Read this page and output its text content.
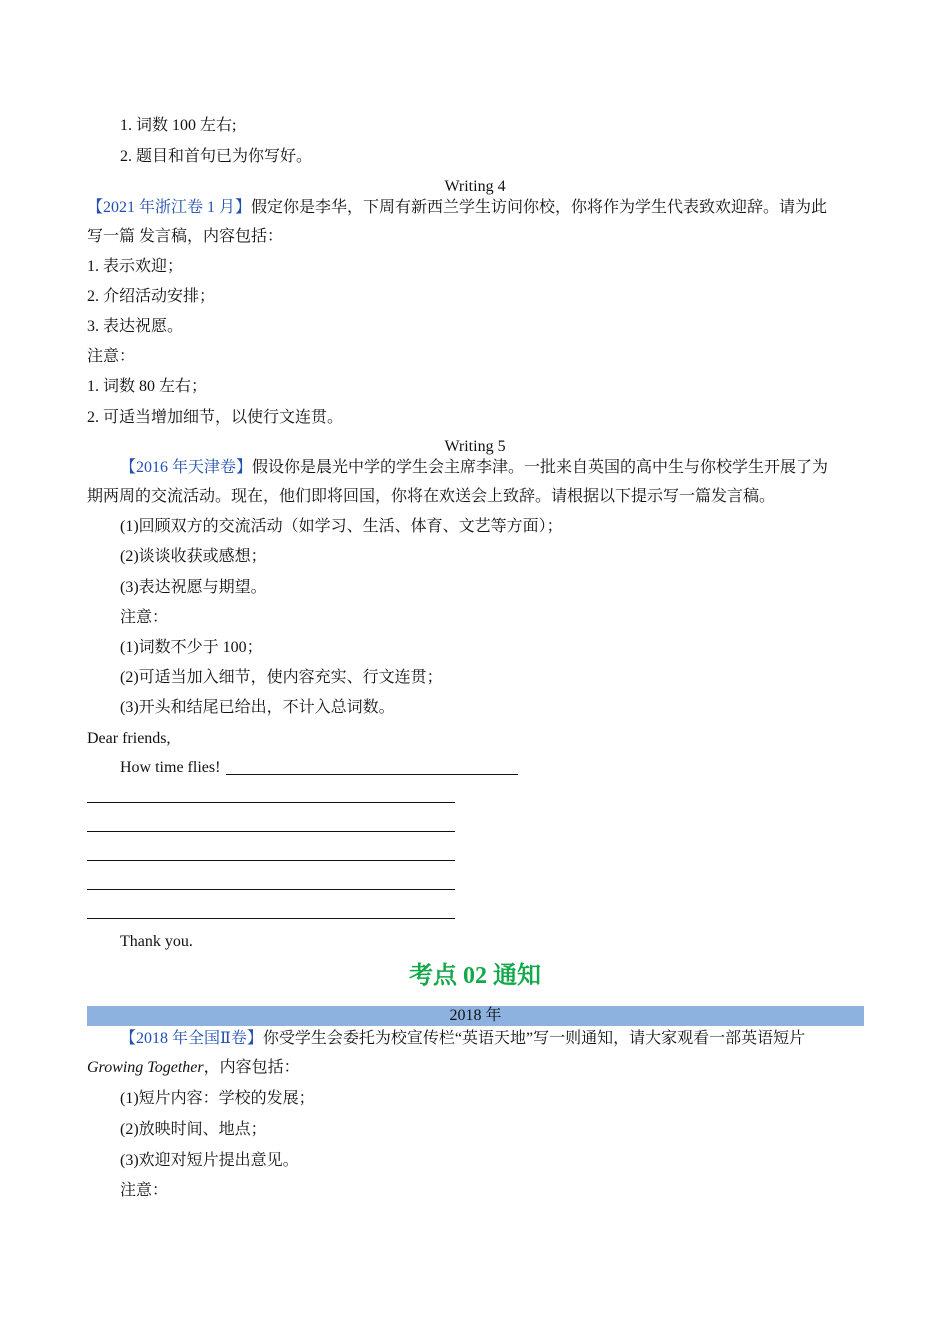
1. 词数 100 左右;
2. 题目和首句已为你写好。
Writing 4
【2021 年浙江卷 1 月】假定你是李华，下周有新西兰学生访问你校，你将作为学生代表致欢迎辞。请为此
写一篇 发言稿，内容包括：
1. 表示欢迎；
2. 介绍活动安排；
3. 表达祝愿。
注意：
1. 词数 80 左右；
2. 可适当增加细节，以使行文连贯。
Writing 5
【2016 年天津卷】假设你是晨光中学的学生会主席李津。一批来自英国的高中生与你校学生开展了为
期两周的交流活动。现在，他们即将回国，你将在欢送会上致辞。请根据以下提示写一篇发言稿。
(1)回顾双方的交流活动（如学习、生活、体育、文艺等方面）；
(2)谈谈收获或感想；
(3)表达祝愿与期望。
注意：
(1)词数不少于 100；
(2)可适当加入细节，使内容充实、行文连贯；
(3)开头和结尾已给出，不计入总词数。
Dear friends,
How time flies!
Thank you.
考点 02 通知
2018 年
【2018 年全国Ⅱ卷】你受学生会委托为校宣传栏“英语天地”写一则通知，请大家观看一部英语短片
Growing Together，内容包括：
(1)短片内容：学校的发展；
(2)放映时间、地点；
(3)欢迎对短片提出意见。
注意：
